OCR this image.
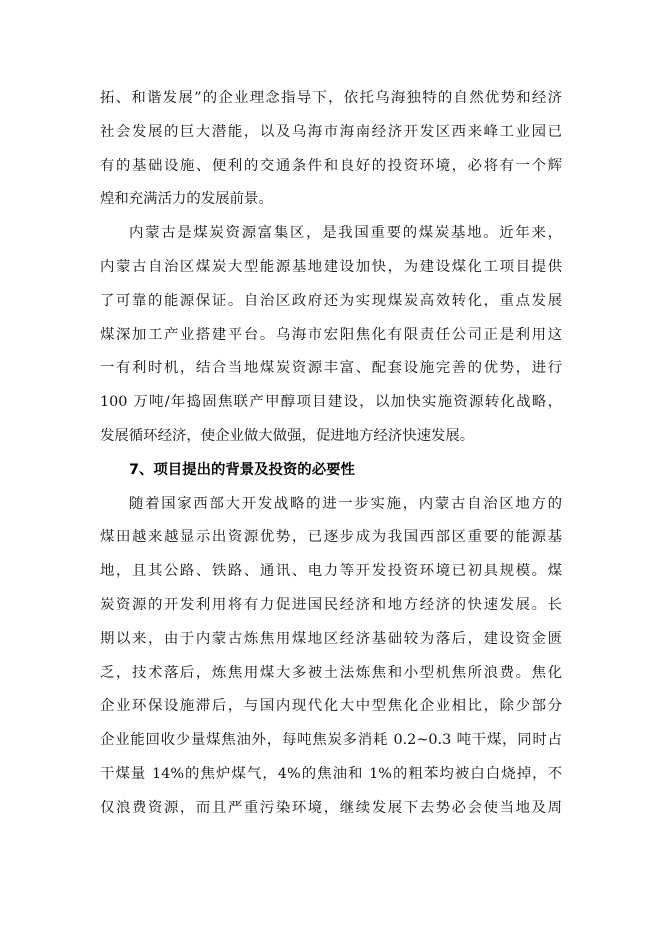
拓、和谐发展”的企业理念指导下，依托乌海独特的自然优势和经济
社会发展的巨大潜能，以及乌海市海南经济开发区西来峰工业园已
有的基础设施、便利的交通条件和良好的投资环境，必将有一个辉
煌和充满活力的发展前景。
内蒙古是煤炭资源富集区，是我国重要的煤炭基地。近年来，
内蒙古自治区煤炭大型能源基地建设加快，为建设煤化工项目提供
了可靠的能源保证。自治区政府还为实现煤炭高效转化，重点发展
煤深加工产业搭建平台。乌海市宏阳焦化有限责任公司正是利用这
一有利时机，结合当地煤炭资源丰富、配套设施完善的优势，进行
100 万吨/年捣固焦联产甲醇项目建设，以加快实施资源转化战略，
发展循环经济，使企业做大做强，促进地方经济快速发展。
7、项目提出的背景及投资的必要性
随着国家西部大开发战略的进一步实施，内蒙古自治区地方的
煤田越来越显示出资源优势，已逐步成为我国西部区重要的能源基
地，且其公路、铁路、通讯、电力等开发投资环境已初具规模。煤
炭资源的开发利用将有力促进国民经济和地方经济的快速发展。长
期以来，由于内蒙古炼焦用煤地区经济基础较为落后，建设资金匮
乏，技术落后，炼焦用煤大多被土法炼焦和小型机焦所浪费。焦化
企业环保设施滞后，与国内现代化大中型焦化企业相比，除少部分
企业能回收少量煤焦油外，每吨焦炭多消耗 0.2~0.3 吨干煤，同时占
干煤量 14%的焦炉煤气，4%的焦油和 1%的粗苯均被白白烧掉，不
仅浪费资源，而且严重污染环境，继续发展下去势必会使当地及周
